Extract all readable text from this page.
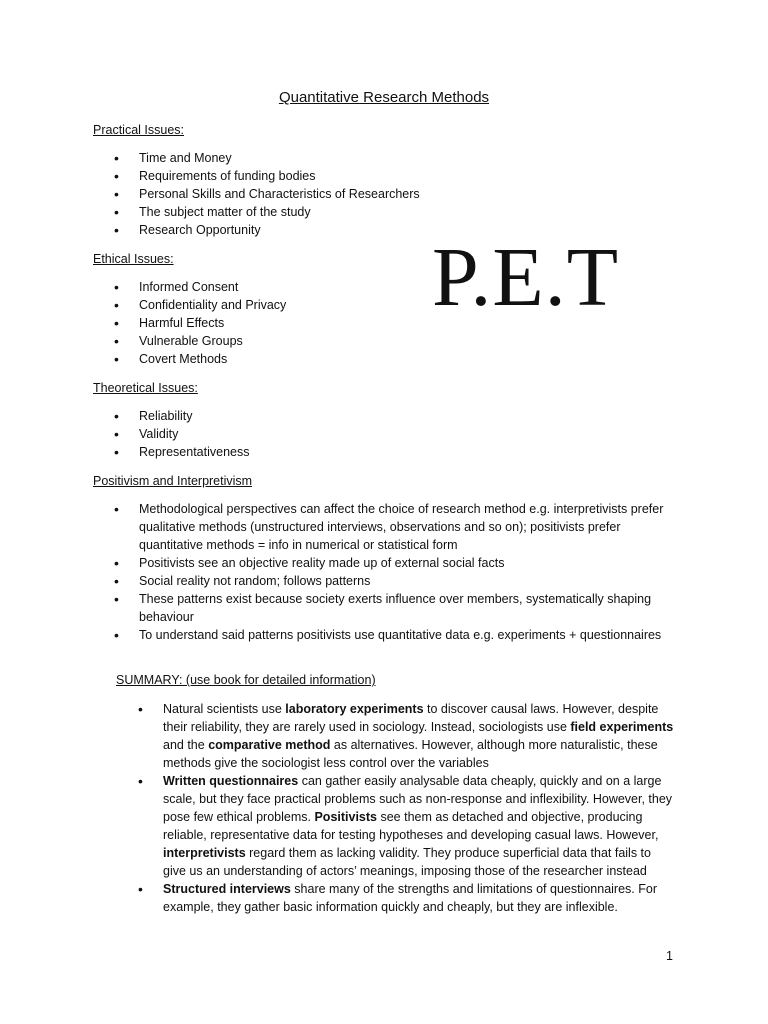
Quantitative Research Methods
P.E.T
Practical Issues:
• Time and Money
• Requirements of funding bodies
• Personal Skills and Characteristics of Researchers
• The subject matter of the study
• Research Opportunity
Ethical Issues:
• Informed Consent
• Confidentiality and Privacy
• Harmful Effects
• Vulnerable Groups
• Covert Methods
Theoretical Issues:
• Reliability
• Validity
• Representativeness
Positivism and Interpretivism
• Methodological perspectives can affect the choice of research method e.g. interpretivists prefer qualitative methods (unstructured interviews, observations and so on); positivists prefer quantitative methods = info in numerical or statistical form
• Positivists see an objective reality made up of external social facts
• Social reality not random; follows patterns
• These patterns exist because society exerts influence over members, systematically shaping behaviour
• To understand said patterns positivists use quantitative data e.g. experiments + questionnaires
SUMMARY: (use book for detailed information)
• Natural scientists use laboratory experiments to discover causal laws. However, despite their reliability, they are rarely used in sociology. Instead, sociologists use field experiments and the comparative method as alternatives. However, although more naturalistic, these methods give the sociologist less control over the variables
• Written questionnaires can gather easily analysable data cheaply, quickly and on a large scale, but they face practical problems such as non-response and inflexibility. However, they pose few ethical problems. Positivists see them as detached and objective, producing reliable, representative data for testing hypotheses and developing casual laws. However, interpretivists regard them as lacking validity. They produce superficial data that fails to give us an understanding of actors’ meanings, imposing those of the researcher instead
• Structured interviews share many of the strengths and limitations of questionnaires. For example, they gather basic information quickly and cheaply, but they are inflexible.
1
